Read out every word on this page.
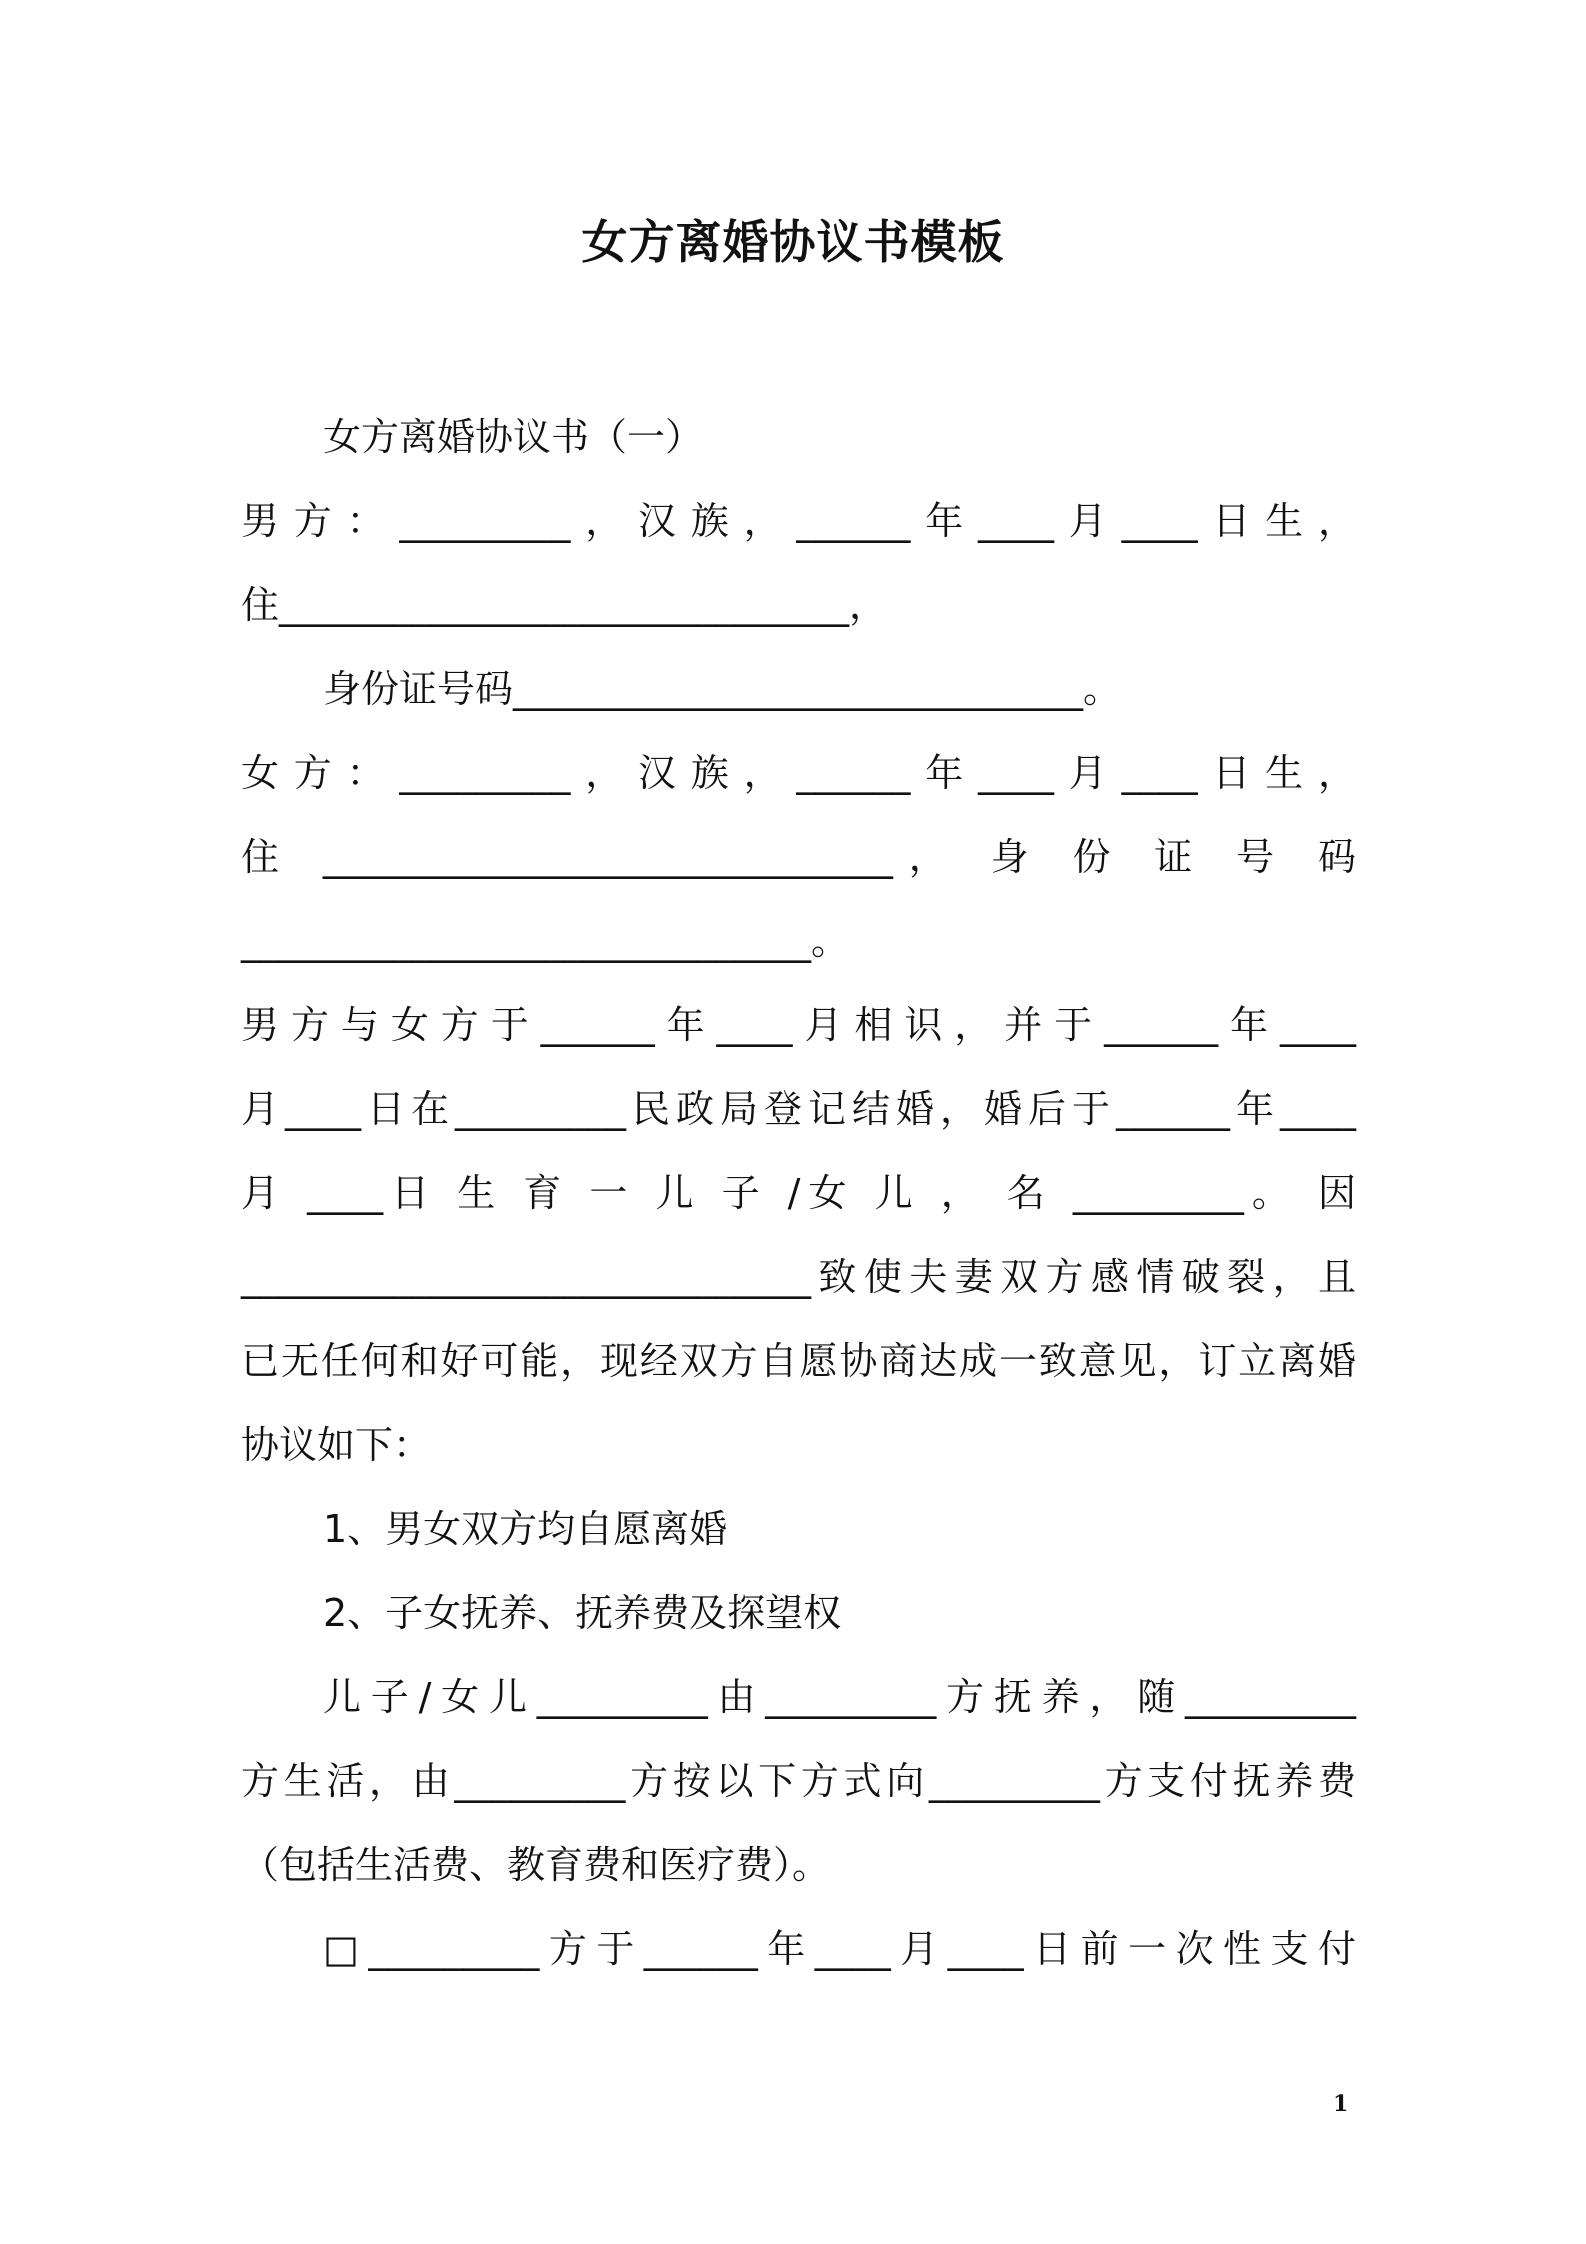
女方离婚协议书模板
女方离婚协议书（一）
男方：_________，汉族，______年____月____日生，
住______________________________，
身份证号码______________________________。
女方：_________，汉族，______年____月____日生，
住 ______________________________， 身 份 证 号 码
______________________________。
男方与女方于______年____月相识，并于______年____
月____日在_________民政局登记结婚，婚后于______年____
月 ____日 生 育 一 儿 子 /女 儿 ， 名 _________。 因
______________________________致使夫妻双方感情破裂，且
已无任何和好可能，现经双方自愿协商达成一致意见，订立离婚
协议如下：
1、男女双方均自愿离婚
2、子女抚养、抚养费及探望权
儿子/女儿_________由_________方抚养，随_________
方生活，由_________方按以下方式向_________方支付抚养费
（包括生活费、教育费和医疗费）。
□_________方于______年____月____日前一次性支付
1
